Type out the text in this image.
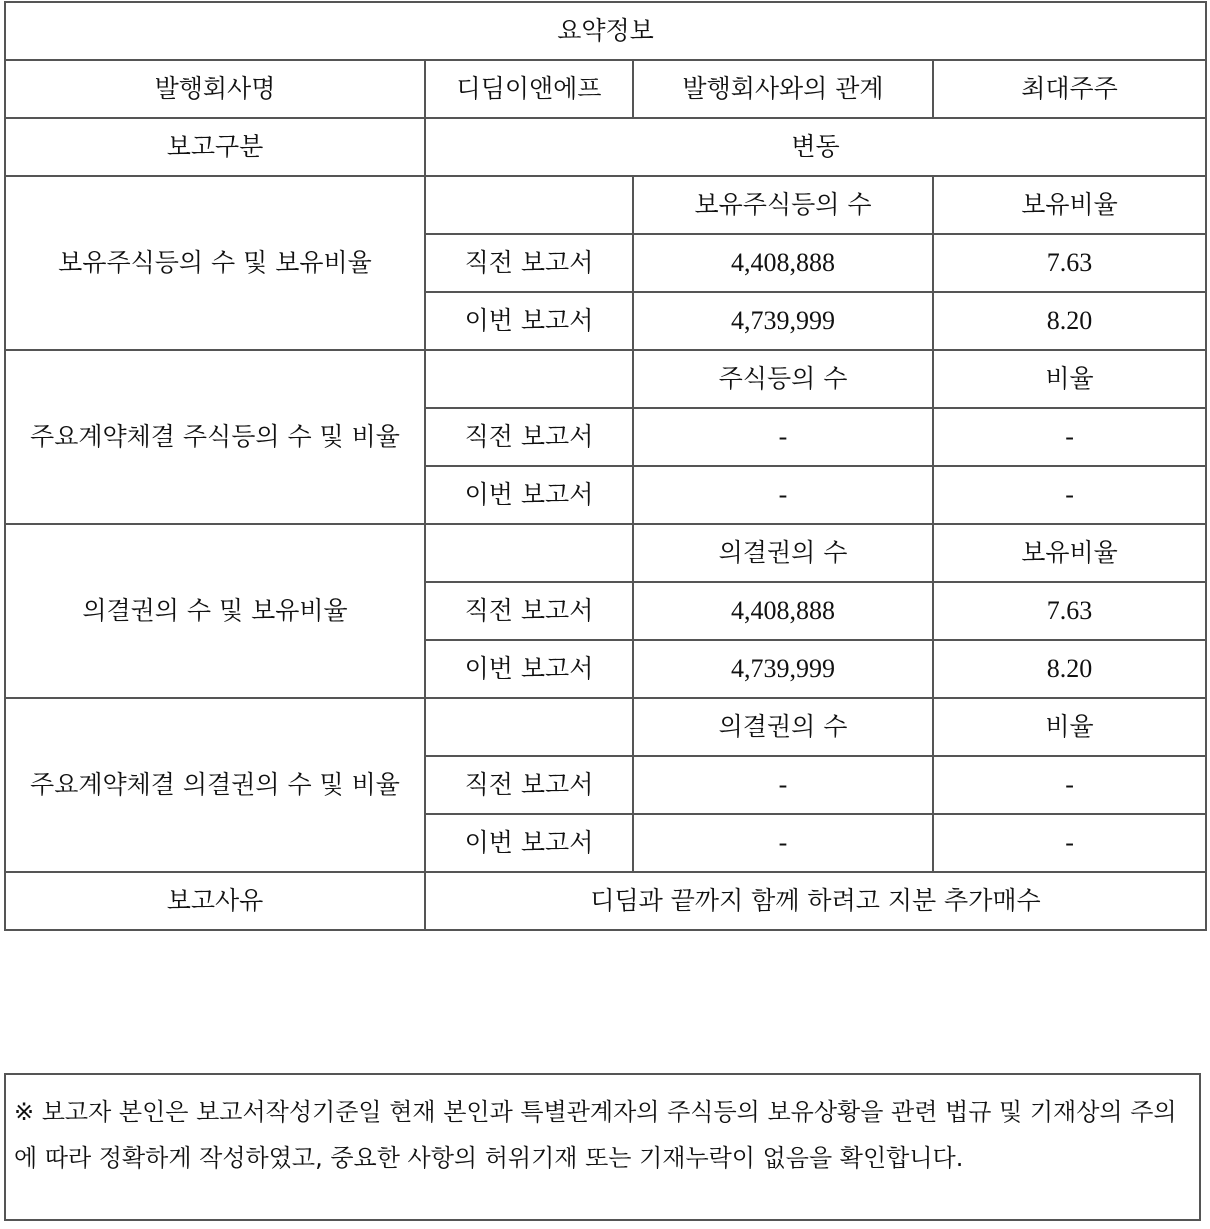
요약정보			
발행회사명	디딤이앤에프	발행회사와의 관계	최대주주
보고구분	변동		
보유주식등의 수 및 보유비율		보유주식등의 수	보유비율
	직전 보고서	4,408,888	7.63
	이번 보고서	4,739,999	8.20
주요계약체결 주식등의 수 및 비율		주식등의 수	비율
	직전 보고서	-	-
	이번 보고서	-	-
의결권의 수 및 보유비율		의결권의 수	보유비율
	직전 보고서	4,408,888	7.63
	이번 보고서	4,739,999	8.20
주요계약체결 의결권의 수 및 비율		의결권의 수	비율
	직전 보고서	-	-
	이번 보고서	-	-
보고사유	디딤과 끝까지 함께 하려고 지분 추가매수		
※ 보고자 본인은 보고서작성기준일 현재 본인과 특별관계자의 주식등의 보유상황을 관련 법규 및 기재상의 주의에 따라 정확하게 작성하였고, 중요한 사항의 허위기재 또는 기재누락이 없음을 확인합니다.
